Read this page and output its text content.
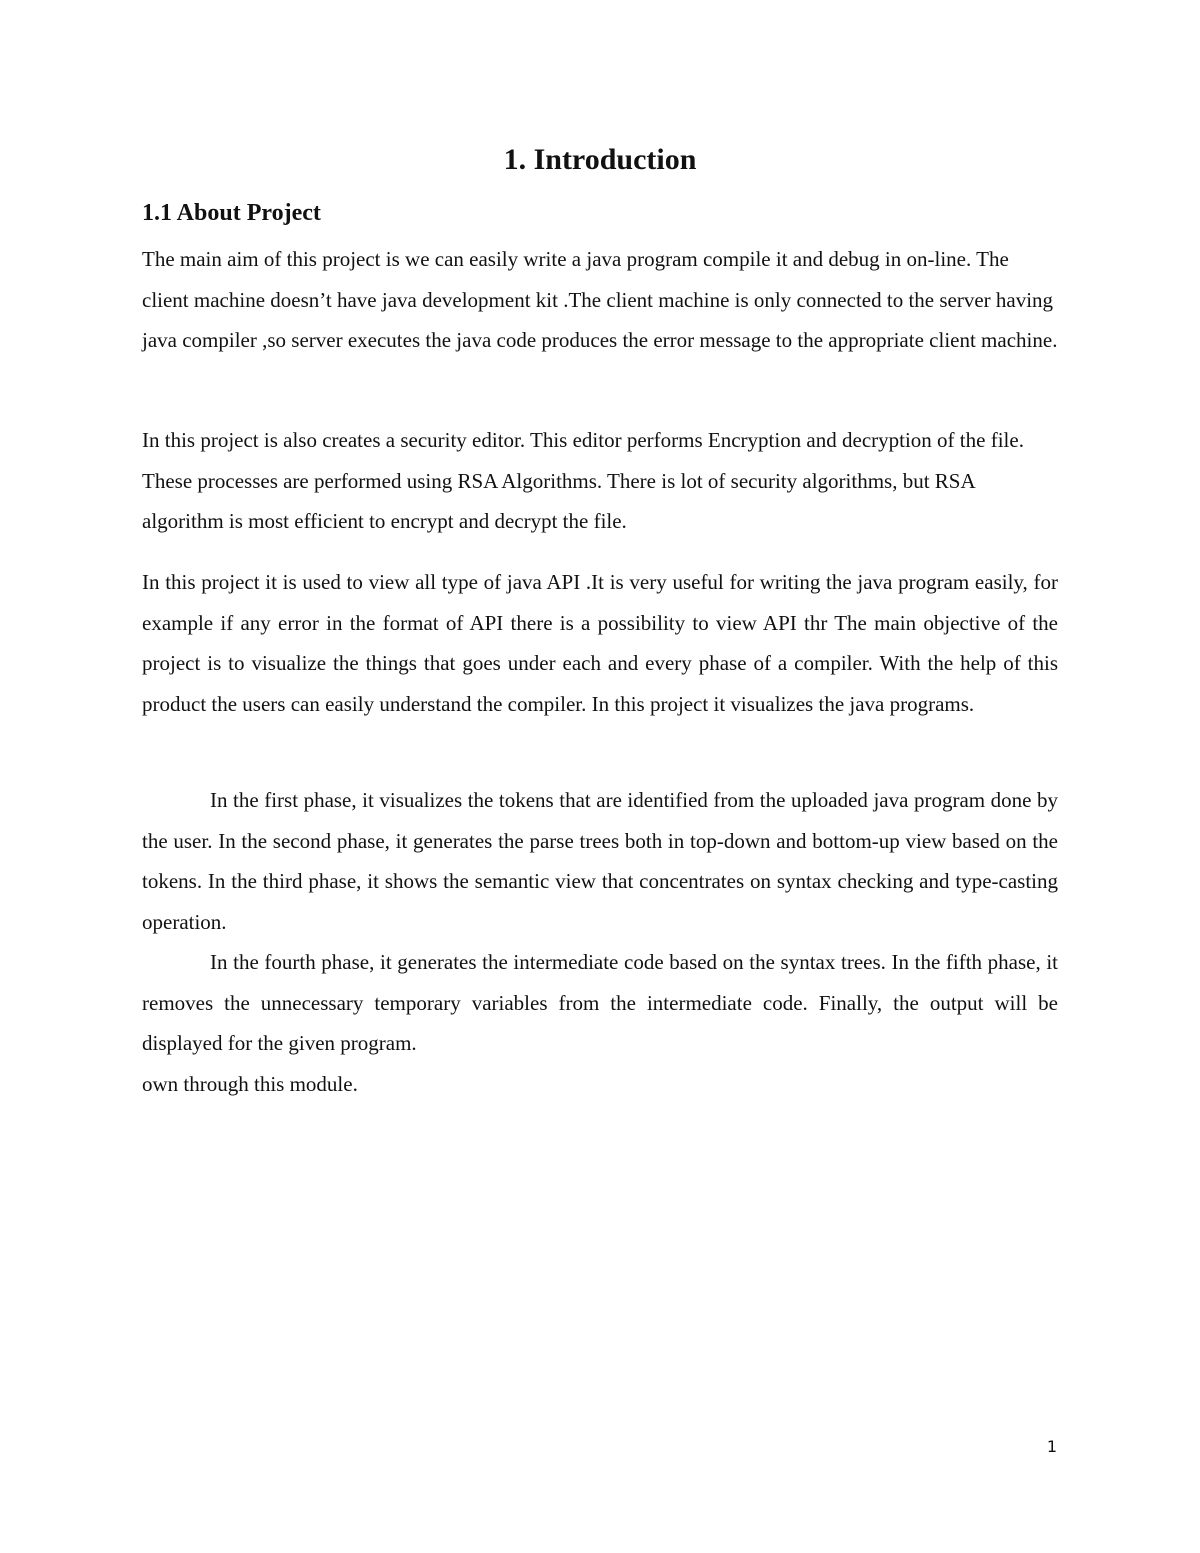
1. Introduction
1.1 About Project

The main aim of this project is we can easily write a java program compile it and debug in on-line. The client machine doesn’t have java development kit .The client machine is only connected to the server having java compiler ,so server executes the java code produces the error message to the appropriate client machine.

In this project is also creates a security editor. This editor performs Encryption and decryption of the file. These processes are performed using RSA Algorithms. There is lot of security algorithms, but RSA algorithm is most efficient to encrypt and decrypt the file.

In this project it is used to view all type of java API .It is very useful for writing the java program easily, for example if any error in the format of API there is a possibility to view API thr The main objective of the project is to visualize the things that goes under each and every phase of a compiler. With the help of this product the users can easily understand the compiler. In this project it visualizes the java programs.

In the first phase, it visualizes the tokens that are identified from the uploaded java program done by the user. In the second phase, it generates the parse trees both in top-down and bottom-up view based on the tokens. In the third phase, it shows the semantic view that concentrates on syntax checking and type-casting operation.

In the fourth phase, it generates the intermediate code based on the syntax trees. In the fifth phase, it removes the unnecessary temporary variables from the intermediate code. Finally, the output will be displayed for the given program.

own through this module.

1
